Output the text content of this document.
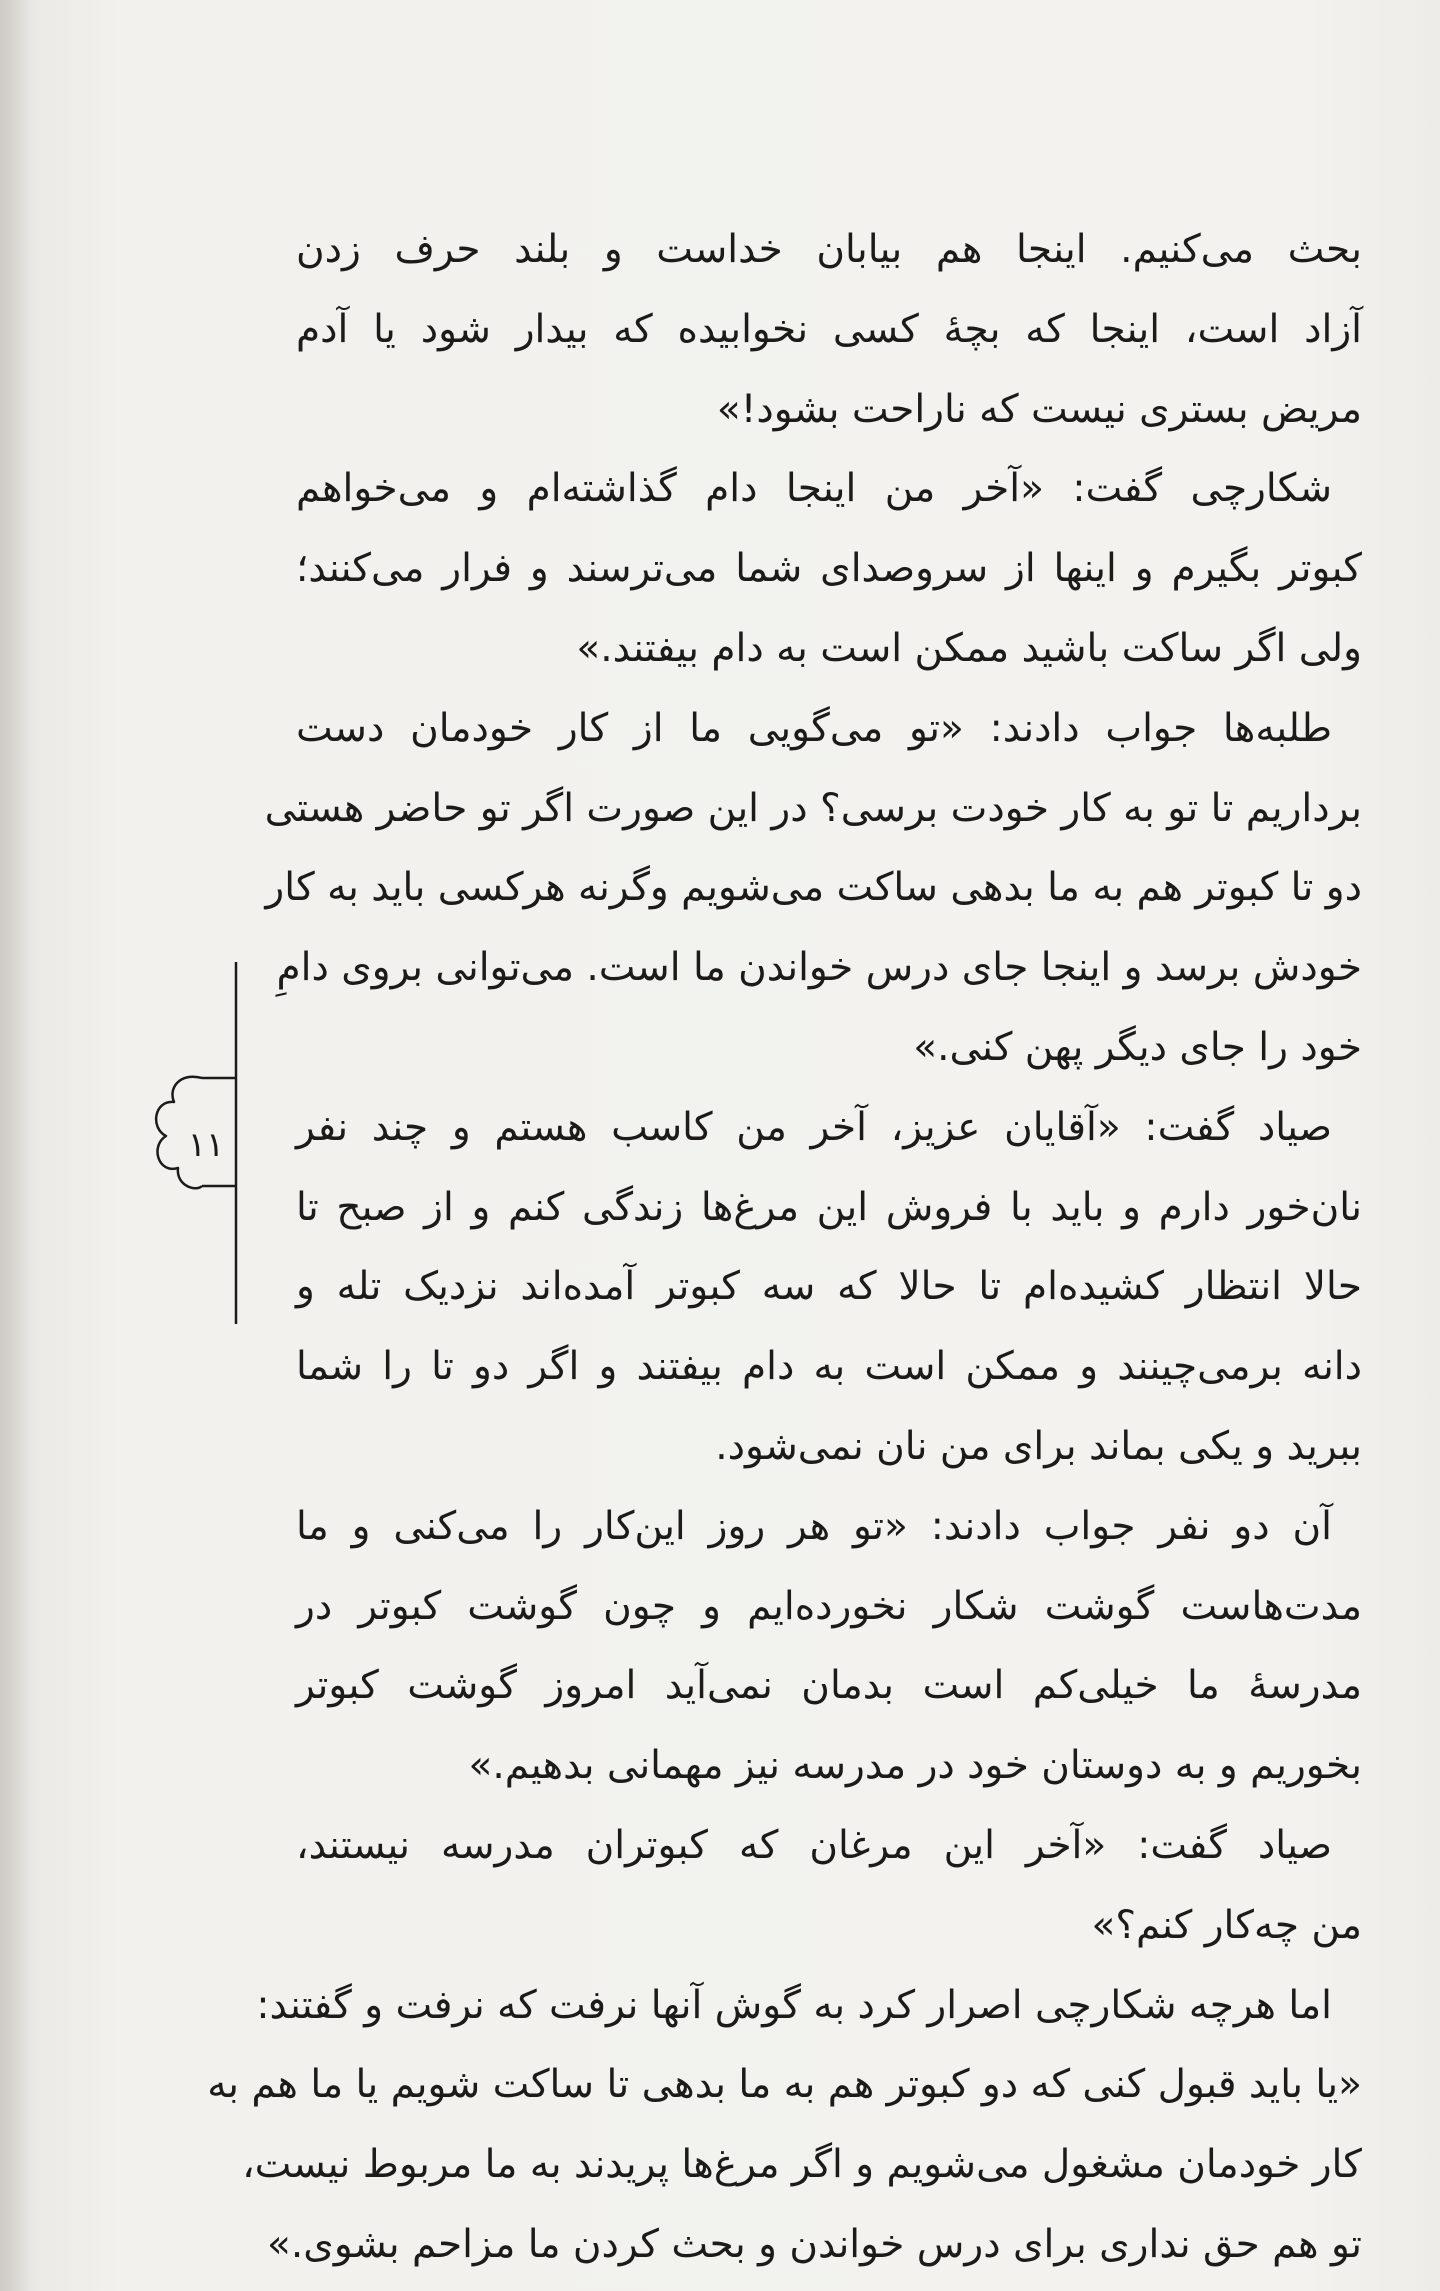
بحث می‌کنیم. اینجا هم بیابان خداست و بلند حرف زدن
آزاد است، اینجا که بچهٔ کسی نخوابیده که بیدار شود یا آدم
مریض بستری نیست که ناراحت بشود!»
شکارچی گفت: «آخر من اینجا دام گذاشته‌ام و می‌خواهم
کبوتر بگیرم و اینها از سروصدای شما می‌ترسند و فرار می‌کنند؛
ولی اگر ساکت باشید ممکن است به دام بیفتند.»
طلبه‌ها جواب دادند: «تو می‌گویی ما از کار خودمان دست
برداریم تا تو به کار خودت برسی؟ در این صورت اگر تو حاضر هستی
دو تا کبوتر هم به ما بدهی ساکت می‌شویم وگرنه هرکسی باید به کار
خودش برسد و اینجا جای درس خواندن ما است. می‌توانی بروی دامِ
خود را جای دیگر پهن کنی.»
صیاد گفت: «آقایان عزیز، آخر من کاسب هستم و چند نفر
نان‌خور دارم و باید با فروش این مرغ‌ها زندگی کنم و از صبح تا
حالا انتظار کشیده‌ام تا حالا که سه کبوتر آمده‌اند نزدیک تله و
دانه برمی‌چینند و ممکن است به دام بیفتند و اگر دو تا را شما
ببرید و یکی بماند برای من نان نمی‌شود.
آن دو نفر جواب دادند: «تو هر روز این‌کار را می‌کنی و ما
مدت‌هاست گوشت شکار نخورده‌ایم و چون گوشت کبوتر در
مدرسهٔ ما خیلی‌کم است بدمان نمی‌آید امروز گوشت کبوتر
بخوریم و به دوستان خود در مدرسه نیز مهمانی بدهیم.»
صیاد گفت: «آخر این مرغان که کبوتران مدرسه نیستند،
من چه‌کار کنم؟»
اما هرچه شکارچی اصرار کرد به گوش آنها نرفت که نرفت و گفتند:
«یا باید قبول کنی که دو کبوتر هم به ما بدهی تا ساکت شویم یا ما هم به
کار خودمان مشغول می‌شویم و اگر مرغ‌ها پریدند به ما مربوط نیست،
تو هم حق نداری برای درس خواندن و بحث کردن ما مزاحم بشوی.»
۱۱
